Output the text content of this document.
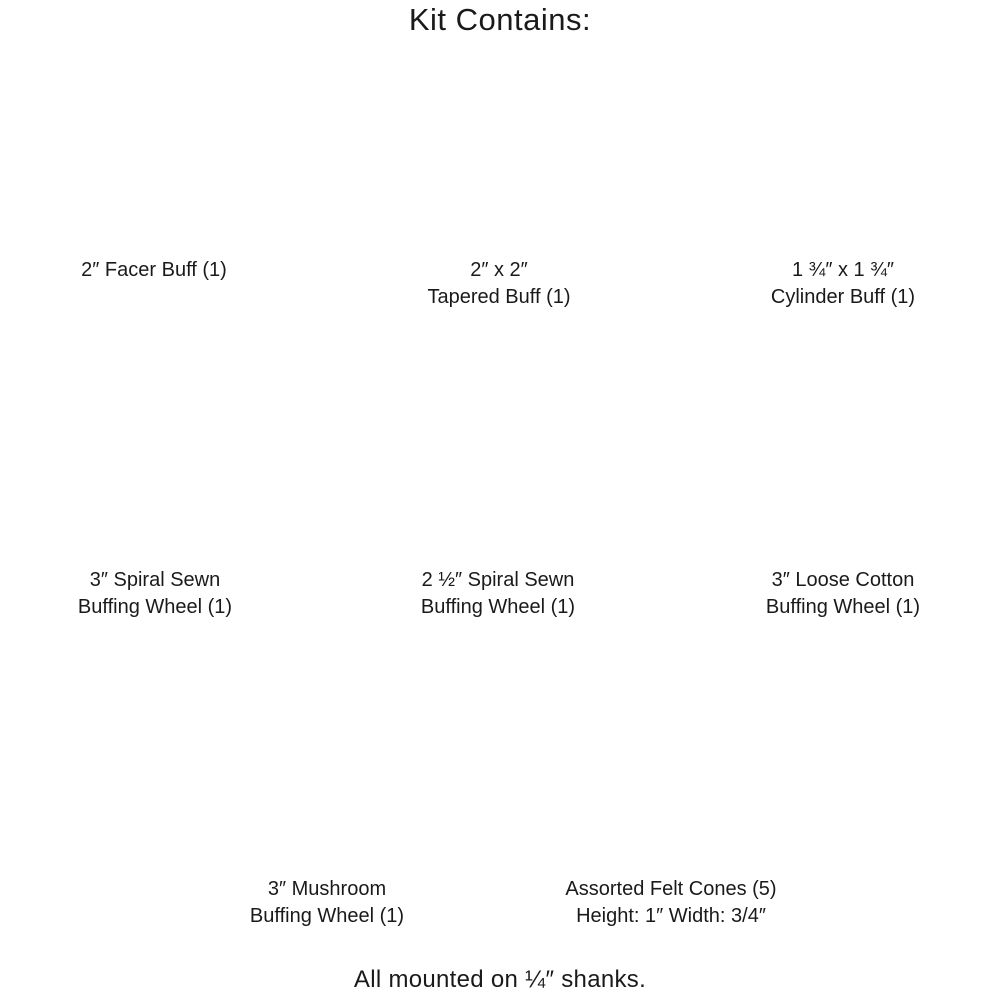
Kit Contains:
2″ Facer Buff (1)	2″ x 2″
Tapered Buff (1)
1 ¾″ x 1 ¾″
Cylinder Buff (1)
3″ Spiral Sewn
Buffing Wheel (1)
2 ½″ Spiral Sewn
Buffing Wheel (1)
3″ Loose Cotton
Buffing Wheel (1)
3″ Mushroom
Buffing Wheel (1)
Assorted Felt Cones (5)
Height: 1″ Width: 3/4″
All mounted on ¼″ shanks.
